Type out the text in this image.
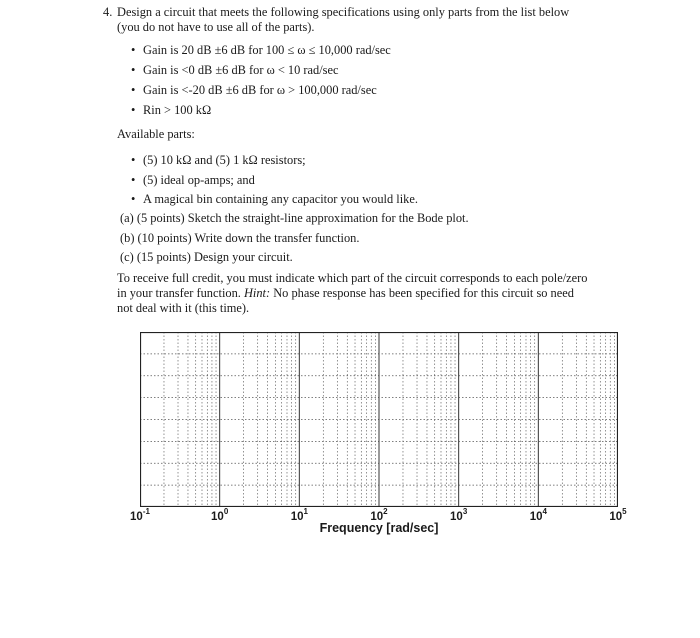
4. Design a circuit that meets the following specifications using only parts from the list below
(you do not have to use all of the parts).
• Gain is 20 dB ±6 dB for 100 ≤ ω ≤ 10,000 rad/sec
• Gain is <0 dB ±6 dB for ω < 10 rad/sec
• Gain is <-20 dB ±6 dB for ω > 100,000 rad/sec
• Rin > 100 kΩ
Available parts:
• (5) 10 kΩ and (5) 1 kΩ resistors;
• (5) ideal op-amps; and
• A magical bin containing any capacitor you would like.
(a) (5 points) Sketch the straight-line approximation for the Bode plot.
(b) (10 points) Write down the transfer function.
(c) (15 points) Design your circuit.
To receive full credit, you must indicate which part of the circuit corresponds to each pole/zero
in your transfer function. Hint: No phase response has been specified for this circuit so need
not deal with it (this time).
$10^{-1}$	$10^0$	$10^1$	$10^2$	$10^3$	$10^4$	$10^5$
Frequency [rad/sec]
